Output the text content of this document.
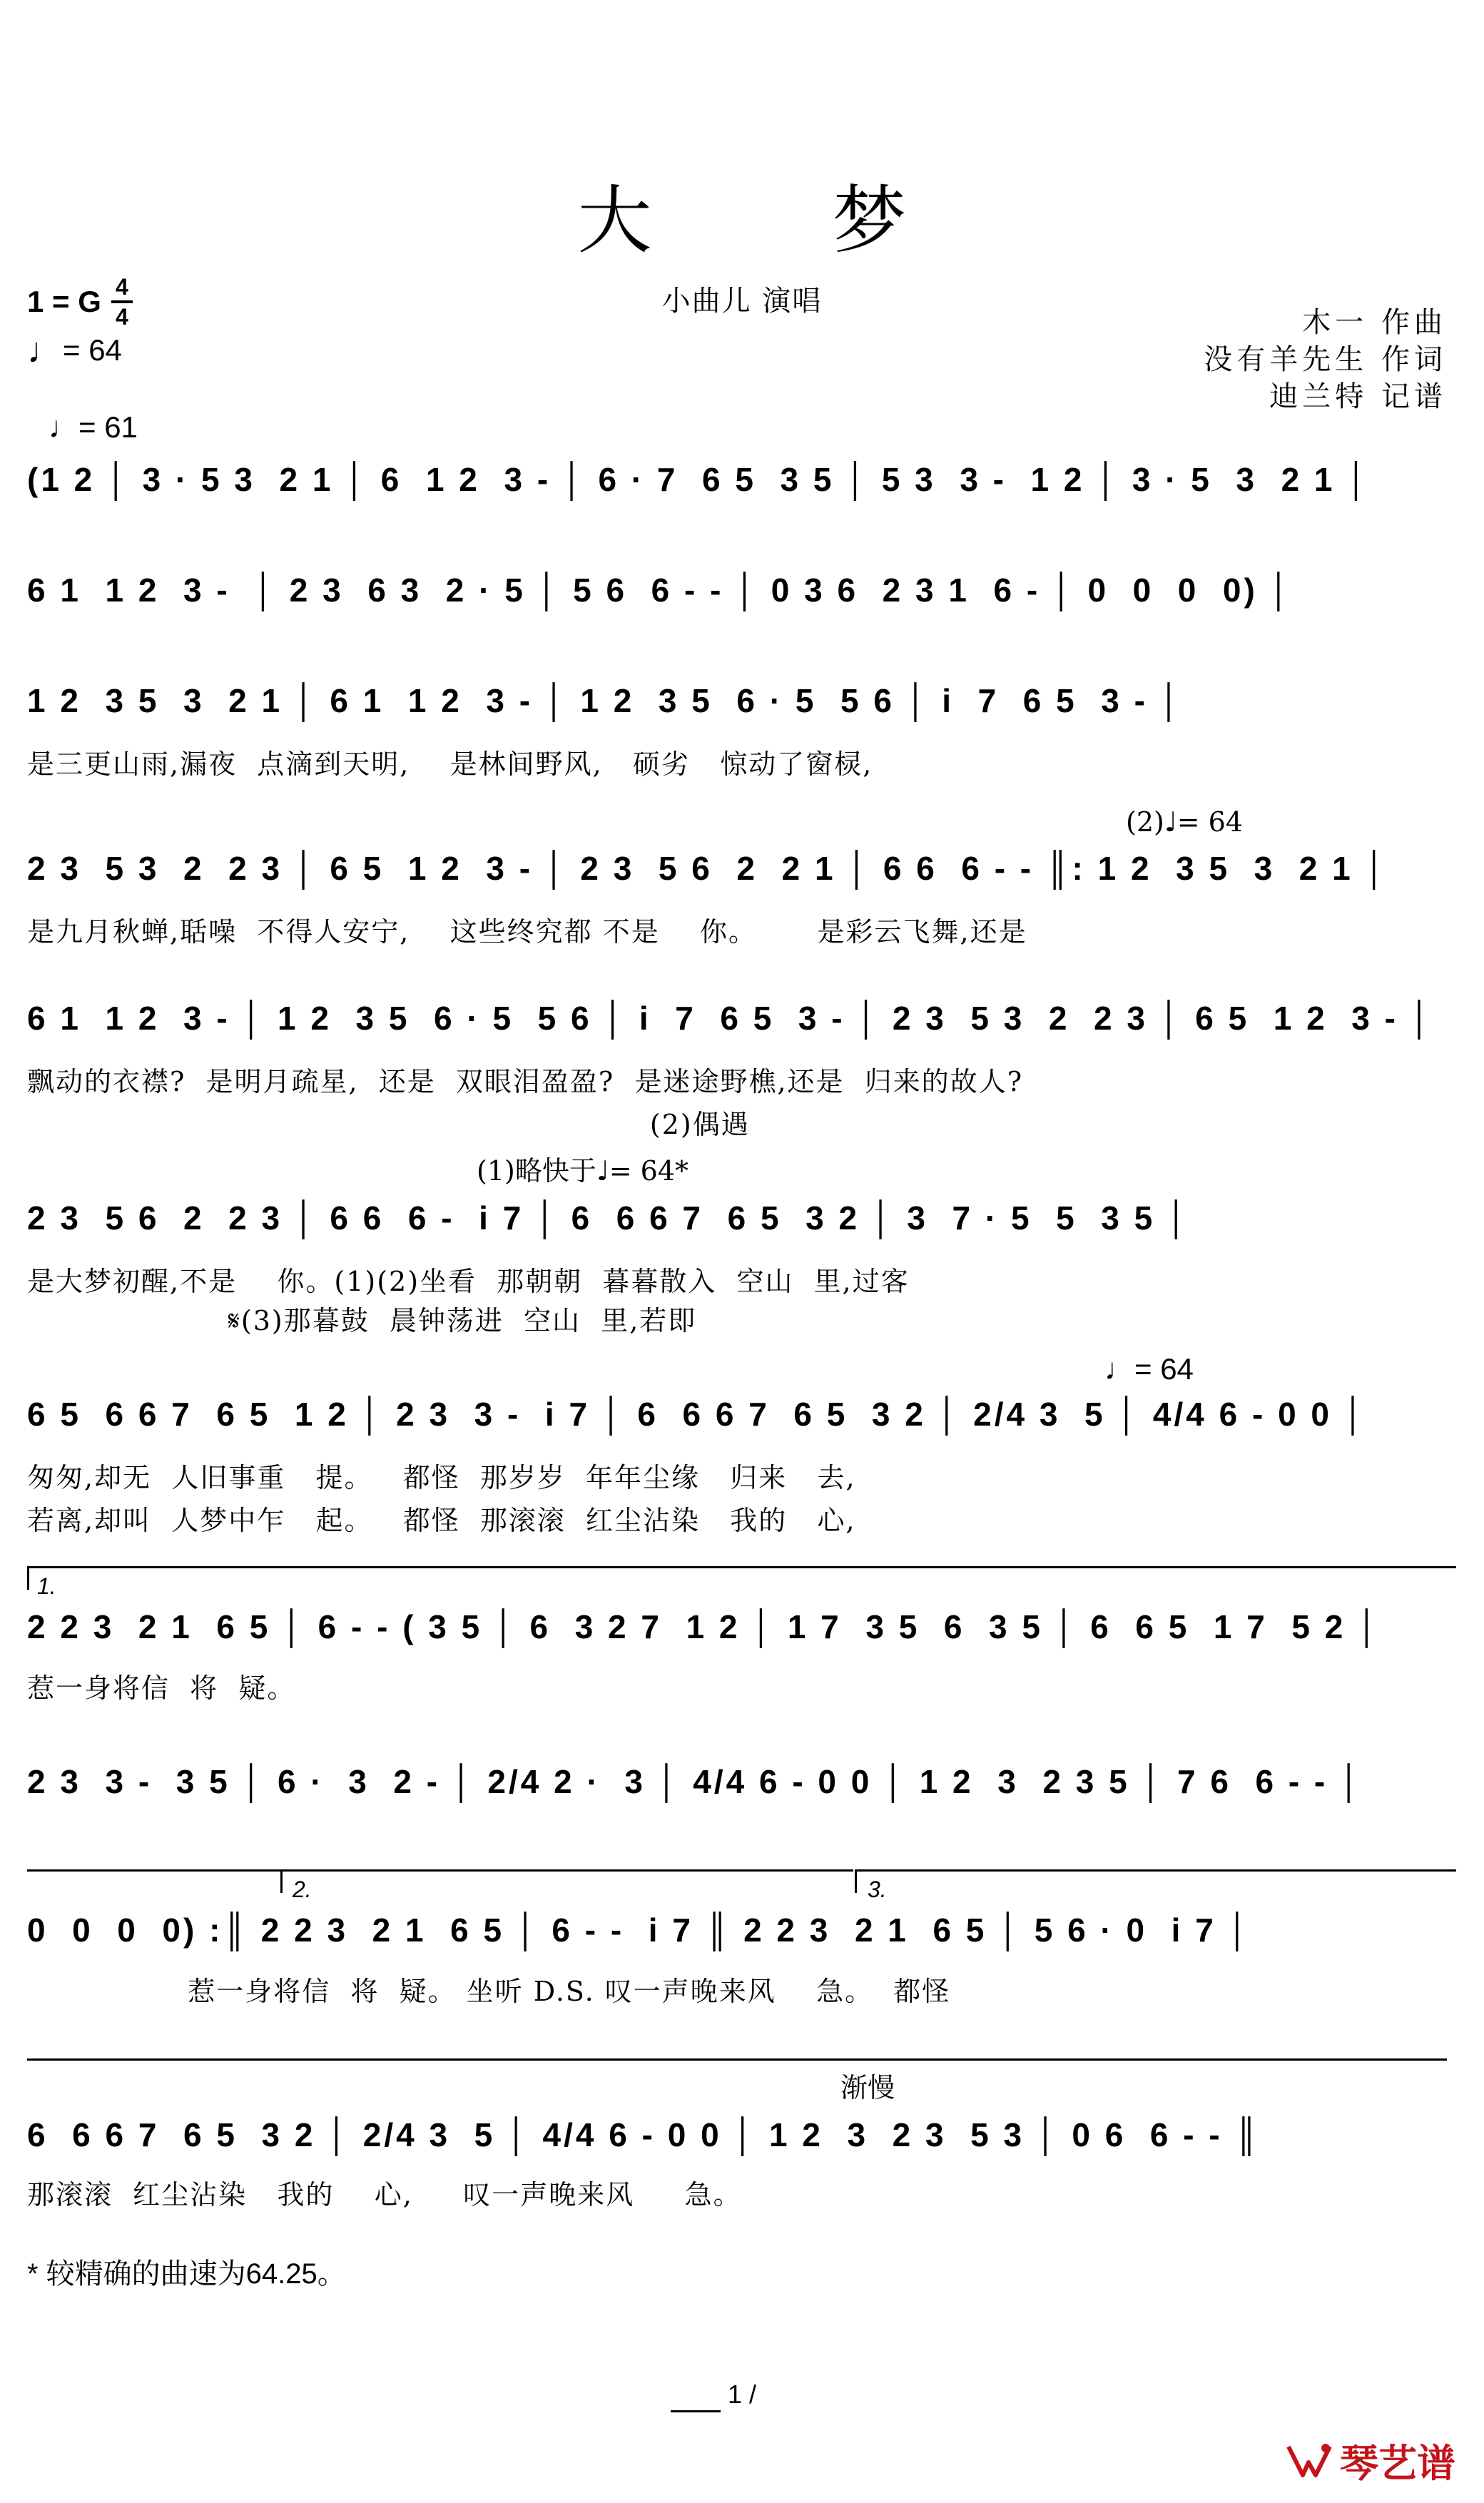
大 梦
1 = G $\frac{4}{4}$
♩ = 64
小曲儿 演唱
木一 作曲
没有羊先生 作词
迪兰特 记谱
♩= 61
(1 2 │ 3 · 5 3  2 1 │ 6  1 2  3 - │ 6 · 7  6 5  3 5 │ 5 3  3 -  1 2 │ 3 · 5  3  2 1 │
6 1  1 2  3 -  │ 2 3  6 3  2 · 5 │ 5 6  6 - - │ 0 3 6  2 3 1  6 - │ 0  0  0  0) │
1 2  3 5  3  2 1 │ 6 1  1 2  3 - │ 1 2  3 5  6 · 5  5 6 │ i  7  6 5  3 - │
是三更山雨,漏夜  点滴到天明,    是林间野风,   硕劣   惊动了窗棂,
(2)♩= 64
2 3  5 3  2  2 3 │ 6 5  1 2  3 - │ 2 3  5 6  2  2 1 │ 6 6  6 - - ║: 1 2  3 5  3  2 1 │
是九月秋蝉,聒噪  不得人安宁,    这些终究都 不是    你。      是彩云飞舞,还是
6 1  1 2  3 - │ 1 2  3 5  6 · 5  5 6 │ i  7  6 5  3 - │ 2 3  5 3  2  2 3 │ 6 5  1 2  3 - │
飘动的衣襟?  是明月疏星,  还是  双眼泪盈盈?  是迷途野樵,还是  归来的故人?
(2)偶遇
(1)略快于♩= 64*
2 3  5 6  2  2 3 │ 6 6  6 -  i 7 │ 6  6 6 7  6 5  3 2 │ 3  7 · 5  5  3 5 │
是大梦初醒,不是    你。(1)(2)坐看  那朝朝  暮暮散入  空山  里,过客
𝄋(3)那暮鼓  晨钟荡进  空山  里,若即
♩= 64
6 5  6 6 7  6 5  1 2 │ 2 3  3 -  i 7 │ 6  6 6 7  6 5  3 2 │ 2/4 3  5 │ 4/4 6 - 0 0 │
匆匆,却无  人旧事重   提。   都怪  那岁岁  年年尘缘   归来   去,
若离,却叫  人梦中乍   起。   都怪  那滚滚  红尘沾染   我的   心,
1.
2 2 3  2 1  6 5 │ 6 - - ( 3 5 │ 6  3 2 7  1 2 │ 1 7  3 5  6  3 5 │ 6  6 5  1 7  5 2 │
惹一身将信  将  疑。
2 3  3 -  3 5 │ 6 ·  3  2 - │ 2/4 2 ·  3 │ 4/4 6 - 0 0 │ 1 2  3  2 3 5 │ 7 6  6 - - │
2.	3.
0  0  0  0) :║ 2 2 3  2 1  6 5 │ 6 - -  i 7 ║ 2 2 3  2 1  6 5 │ 5 6 · 0  i 7 │
惹一身将信  将  疑。 坐听 D.S. 叹一声晚来风    急。  都怪
渐慢
6  6 6 7  6 5  3 2 │ 2/4 3  5 │ 4/4 6 - 0 0 │ 1 2  3  2 3  5 3 │ 0 6  6 - - ║
那滚滚  红尘沾染   我的    心,     叹一声晚来风     急。
* 较精确的曲速为64.25。
1 /
琴艺谱
